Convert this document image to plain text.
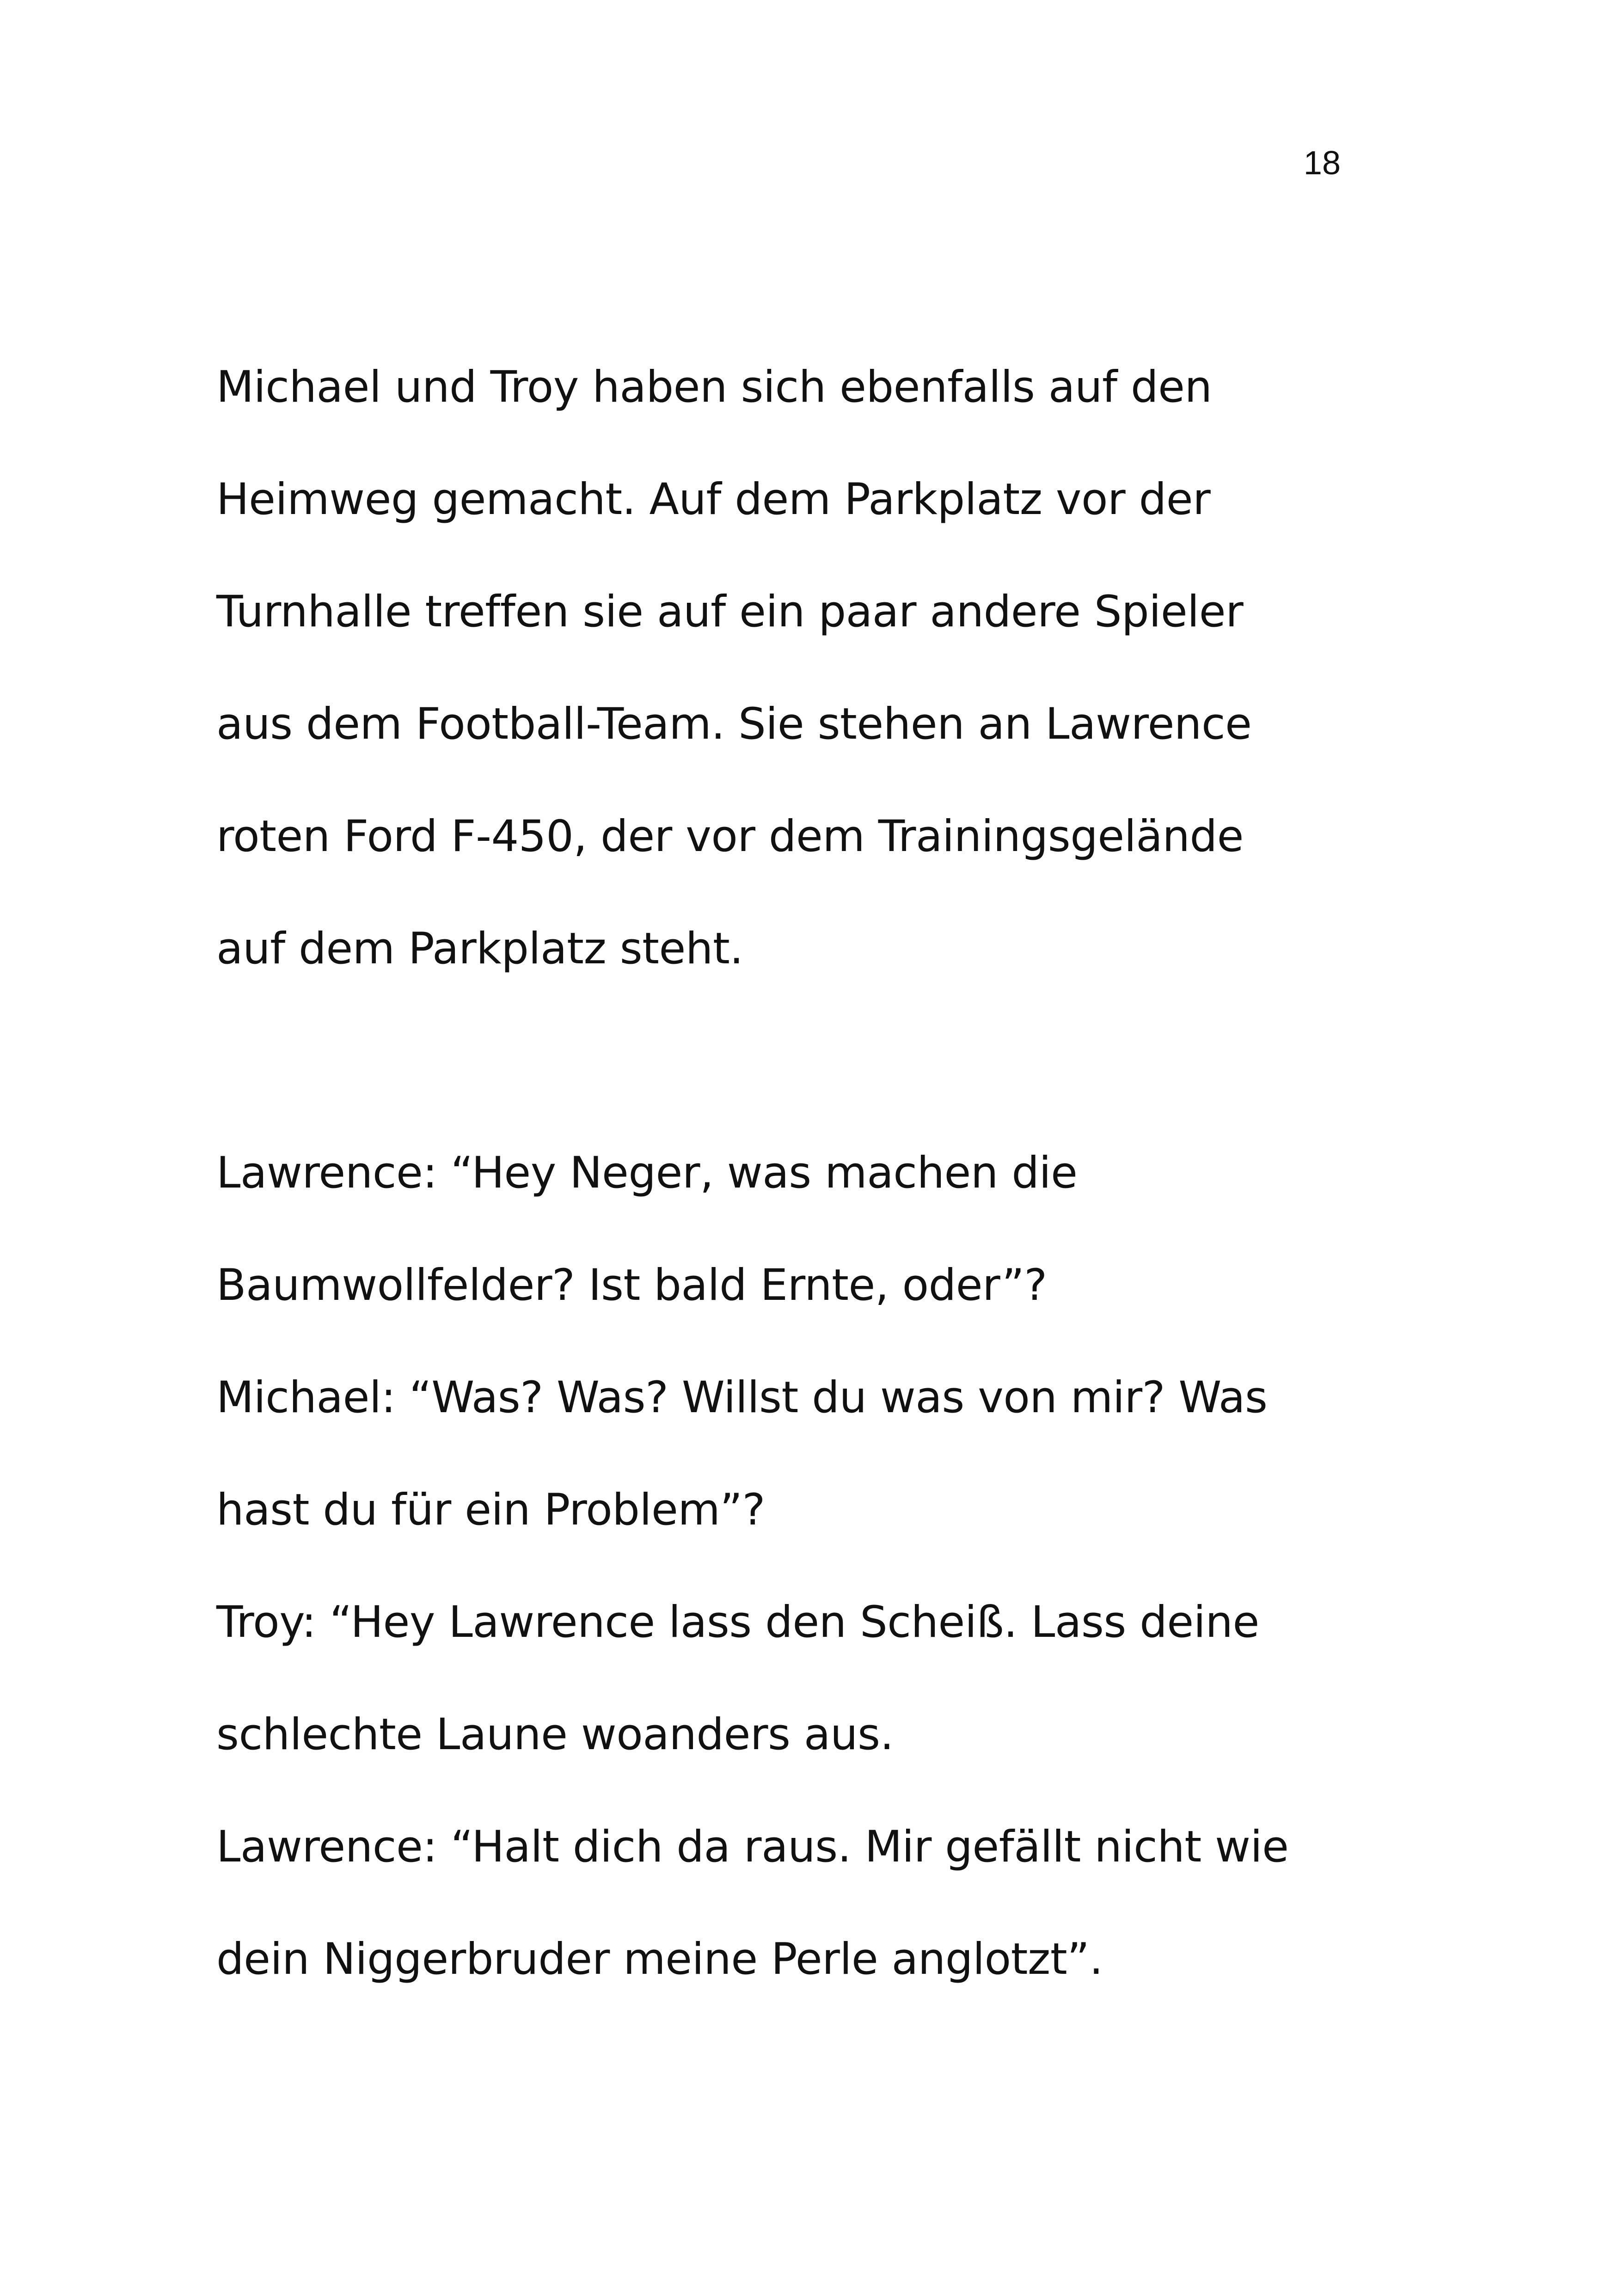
18

Michael und Troy haben sich ebenfalls auf den
Heimweg gemacht. Auf dem Parkplatz vor der
Turnhalle treffen sie auf ein paar andere Spieler
aus dem Football-Team. Sie stehen an Lawrence
roten Ford F-450, der vor dem Trainingsgelände
auf dem Parkplatz steht.

Lawrence: “Hey Neger, was machen die
Baumwollfelder? Ist bald Ernte, oder”?
Michael: “Was? Was? Willst du was von mir? Was
hast du für ein Problem”?
Troy: “Hey Lawrence lass den Scheiß. Lass deine
schlechte Laune woanders aus.
Lawrence: “Halt dich da raus. Mir gefällt nicht wie
dein Niggerbruder meine Perle anglotzt”.
